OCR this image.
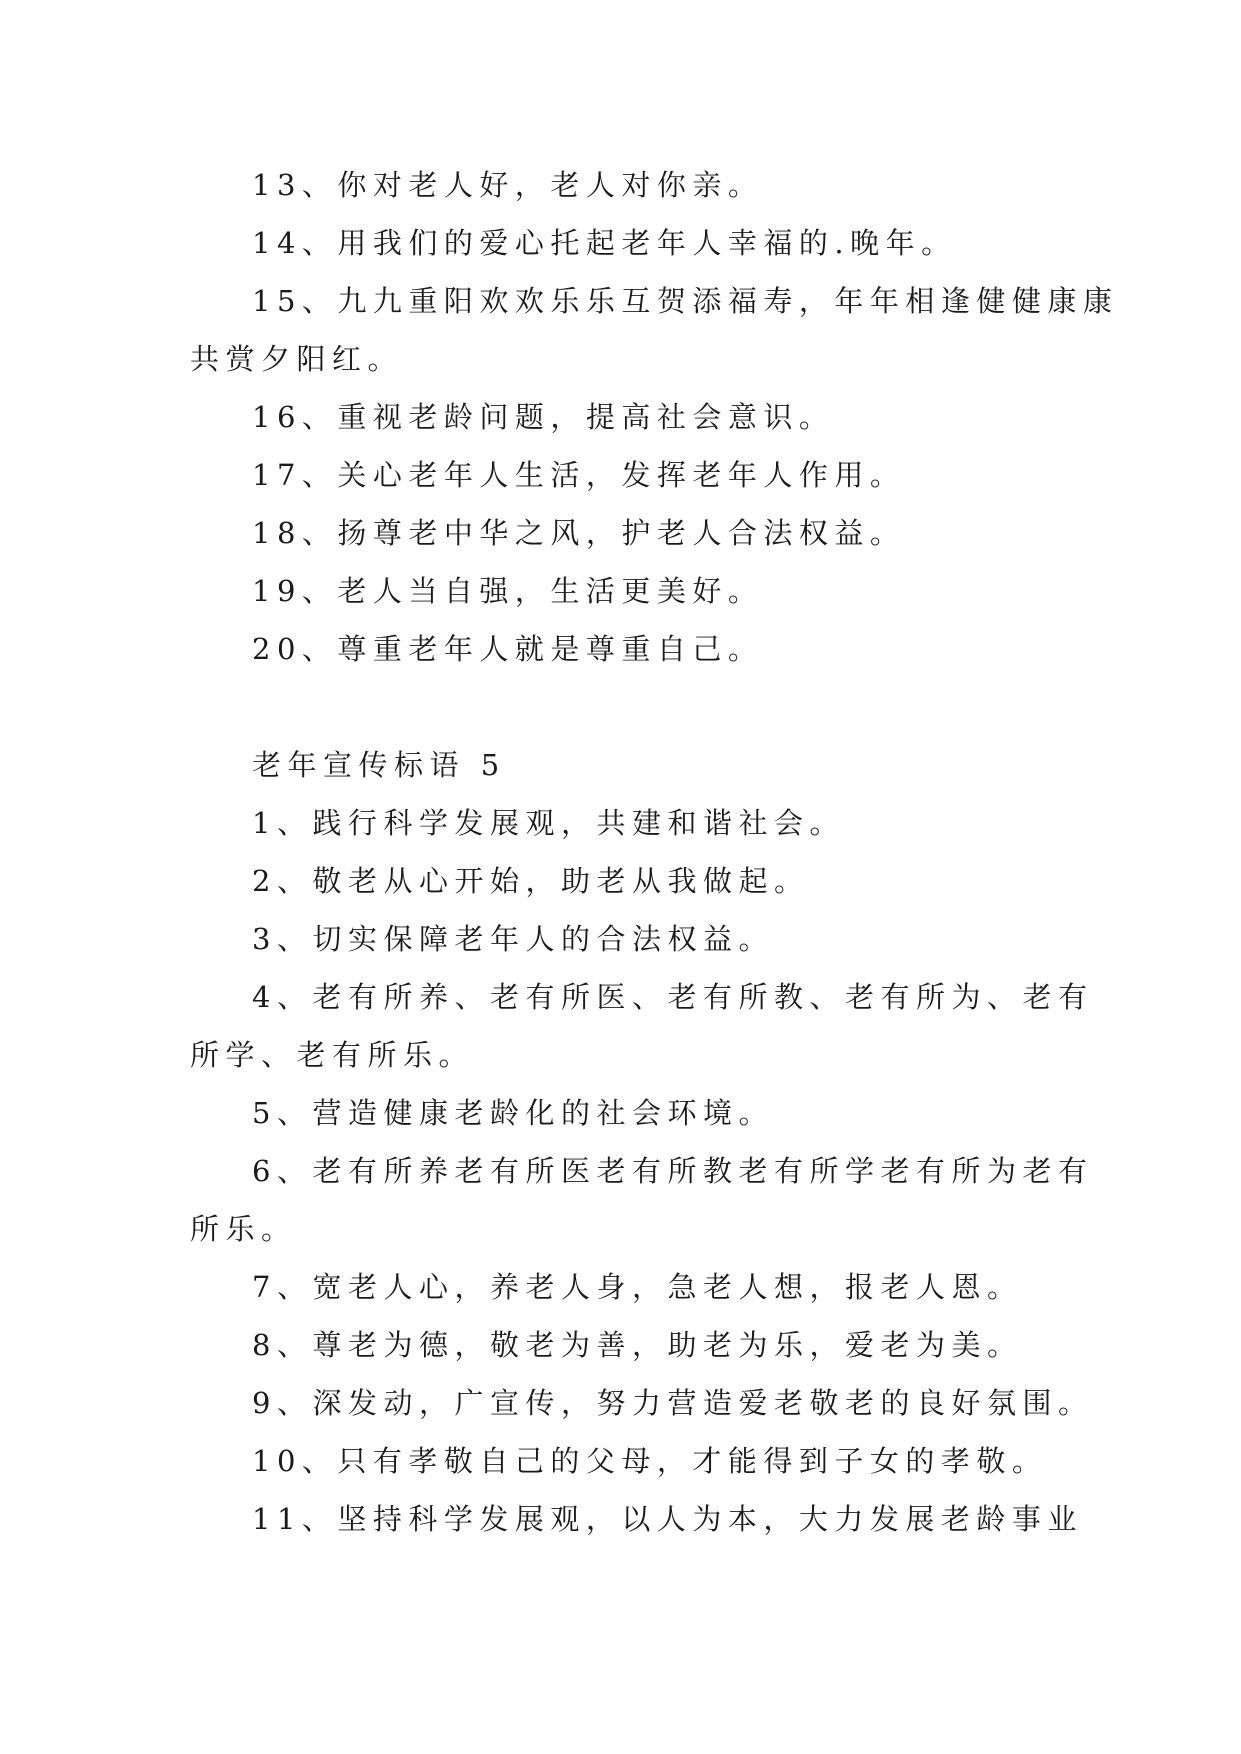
13、你对老人好，老人对你亲。
14、用我们的爱心托起老年人幸福的.晚年。
15、九九重阳欢欢乐乐互贺添福寿，年年相逢健健康康
共赏夕阳红。
16、重视老龄问题，提高社会意识。
17、关心老年人生活，发挥老年人作用。
18、扬尊老中华之风，护老人合法权益。
19、老人当自强，生活更美好。
20、尊重老年人就是尊重自己。
老年宣传标语 5
1、践行科学发展观，共建和谐社会。
2、敬老从心开始，助老从我做起。
3、切实保障老年人的合法权益。
4、老有所养、老有所医、老有所教、老有所为、老有
所学、老有所乐。
5、营造健康老龄化的社会环境。
6、老有所养老有所医老有所教老有所学老有所为老有
所乐。
7、宽老人心，养老人身，急老人想，报老人恩。
8、尊老为德，敬老为善，助老为乐，爱老为美。
9、深发动，广宣传，努力营造爱老敬老的良好氛围。
10、只有孝敬自己的父母，才能得到子女的孝敬。
11、坚持科学发展观，以人为本，大力发展老龄事业
